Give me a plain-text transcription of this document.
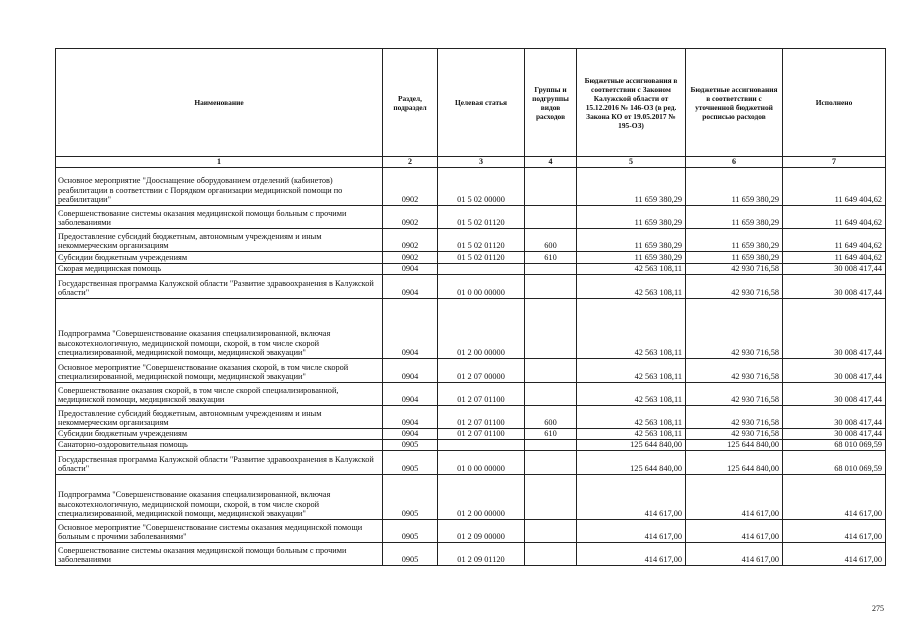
Наименование	Раздел, подраздел	Целевая статья	Группы и подгруппы видов расходов	Бюджетные ассигнования в соответствии с Законом Калужской области от 15.12.2016 № 146-ОЗ (в ред. Закона КО от 19.05.2017 № 195-ОЗ)	Бюджетные ассигнования в соответствии с уточненной бюджетной росписью расходов	Исполнено
1	2	3	4	5	6	7
Основное мероприятие "Дооснащение оборудованием отделений (кабинетов) реабилитации в соответствии с Порядком организации медицинской помощи по реабилитации"	0902	01 5 02 00000		11 659 380,29	11 659 380,29	11 649 404,62
Совершенствование системы оказания медицинской помощи больным с прочими заболеваниями	0902	01 5 02 01120		11 659 380,29	11 659 380,29	11 649 404,62
Предоставление субсидий бюджетным, автономным учреждениям и иным некоммерческим организациям	0902	01 5 02 01120	600	11 659 380,29	11 659 380,29	11 649 404,62
Субсидии бюджетным учреждениям	0902	01 5 02 01120	610	11 659 380,29	11 659 380,29	11 649 404,62
Скорая медицинская помощь	0904			42 563 108,11	42 930 716,58	30 008 417,44
Государственная программа Калужской области "Развитие здравоохранения в Калужской области"	0904	01 0 00 00000		42 563 108,11	42 930 716,58	30 008 417,44
Подпрограмма "Совершенствование оказания специализированной, включая высокотехнологичную, медицинской помощи, скорой, в том числе скорой специализированной, медицинской помощи, медицинской эвакуации"	0904	01 2 00 00000		42 563 108,11	42 930 716,58	30 008 417,44
Основное мероприятие "Совершенствование оказания скорой, в том числе скорой специализированной, медицинской помощи, медицинской эвакуации"	0904	01 2 07 00000		42 563 108,11	42 930 716,58	30 008 417,44
Совершенствование оказания скорой, в том числе скорой специализированной, медицинской помощи, медицинской эвакуации	0904	01 2 07 01100		42 563 108,11	42 930 716,58	30 008 417,44
Предоставление субсидий бюджетным, автономным учреждениям и иным некоммерческим организациям	0904	01 2 07 01100	600	42 563 108,11	42 930 716,58	30 008 417,44
Субсидии бюджетным учреждениям	0904	01 2 07 01100	610	42 563 108,11	42 930 716,58	30 008 417,44
Санаторно-оздоровительная помощь	0905			125 644 840,00	125 644 840,00	68 010 069,59
Государственная программа Калужской области "Развитие здравоохранения в Калужской области"	0905	01 0 00 00000		125 644 840,00	125 644 840,00	68 010 069,59
Подпрограмма "Совершенствование оказания специализированной, включая высокотехнологичную, медицинской помощи, скорой, в том числе скорой специализированной, медицинской помощи, медицинской эвакуации"	0905	01 2 00 00000		414 617,00	414 617,00	414 617,00
Основное мероприятие "Совершенствование системы оказания медицинской помощи больным с прочими заболеваниями"	0905	01 2 09 00000		414 617,00	414 617,00	414 617,00
Совершенствование системы оказания медицинской помощи больным с прочими заболеваниями	0905	01 2 09 01120		414 617,00	414 617,00	414 617,00
275
